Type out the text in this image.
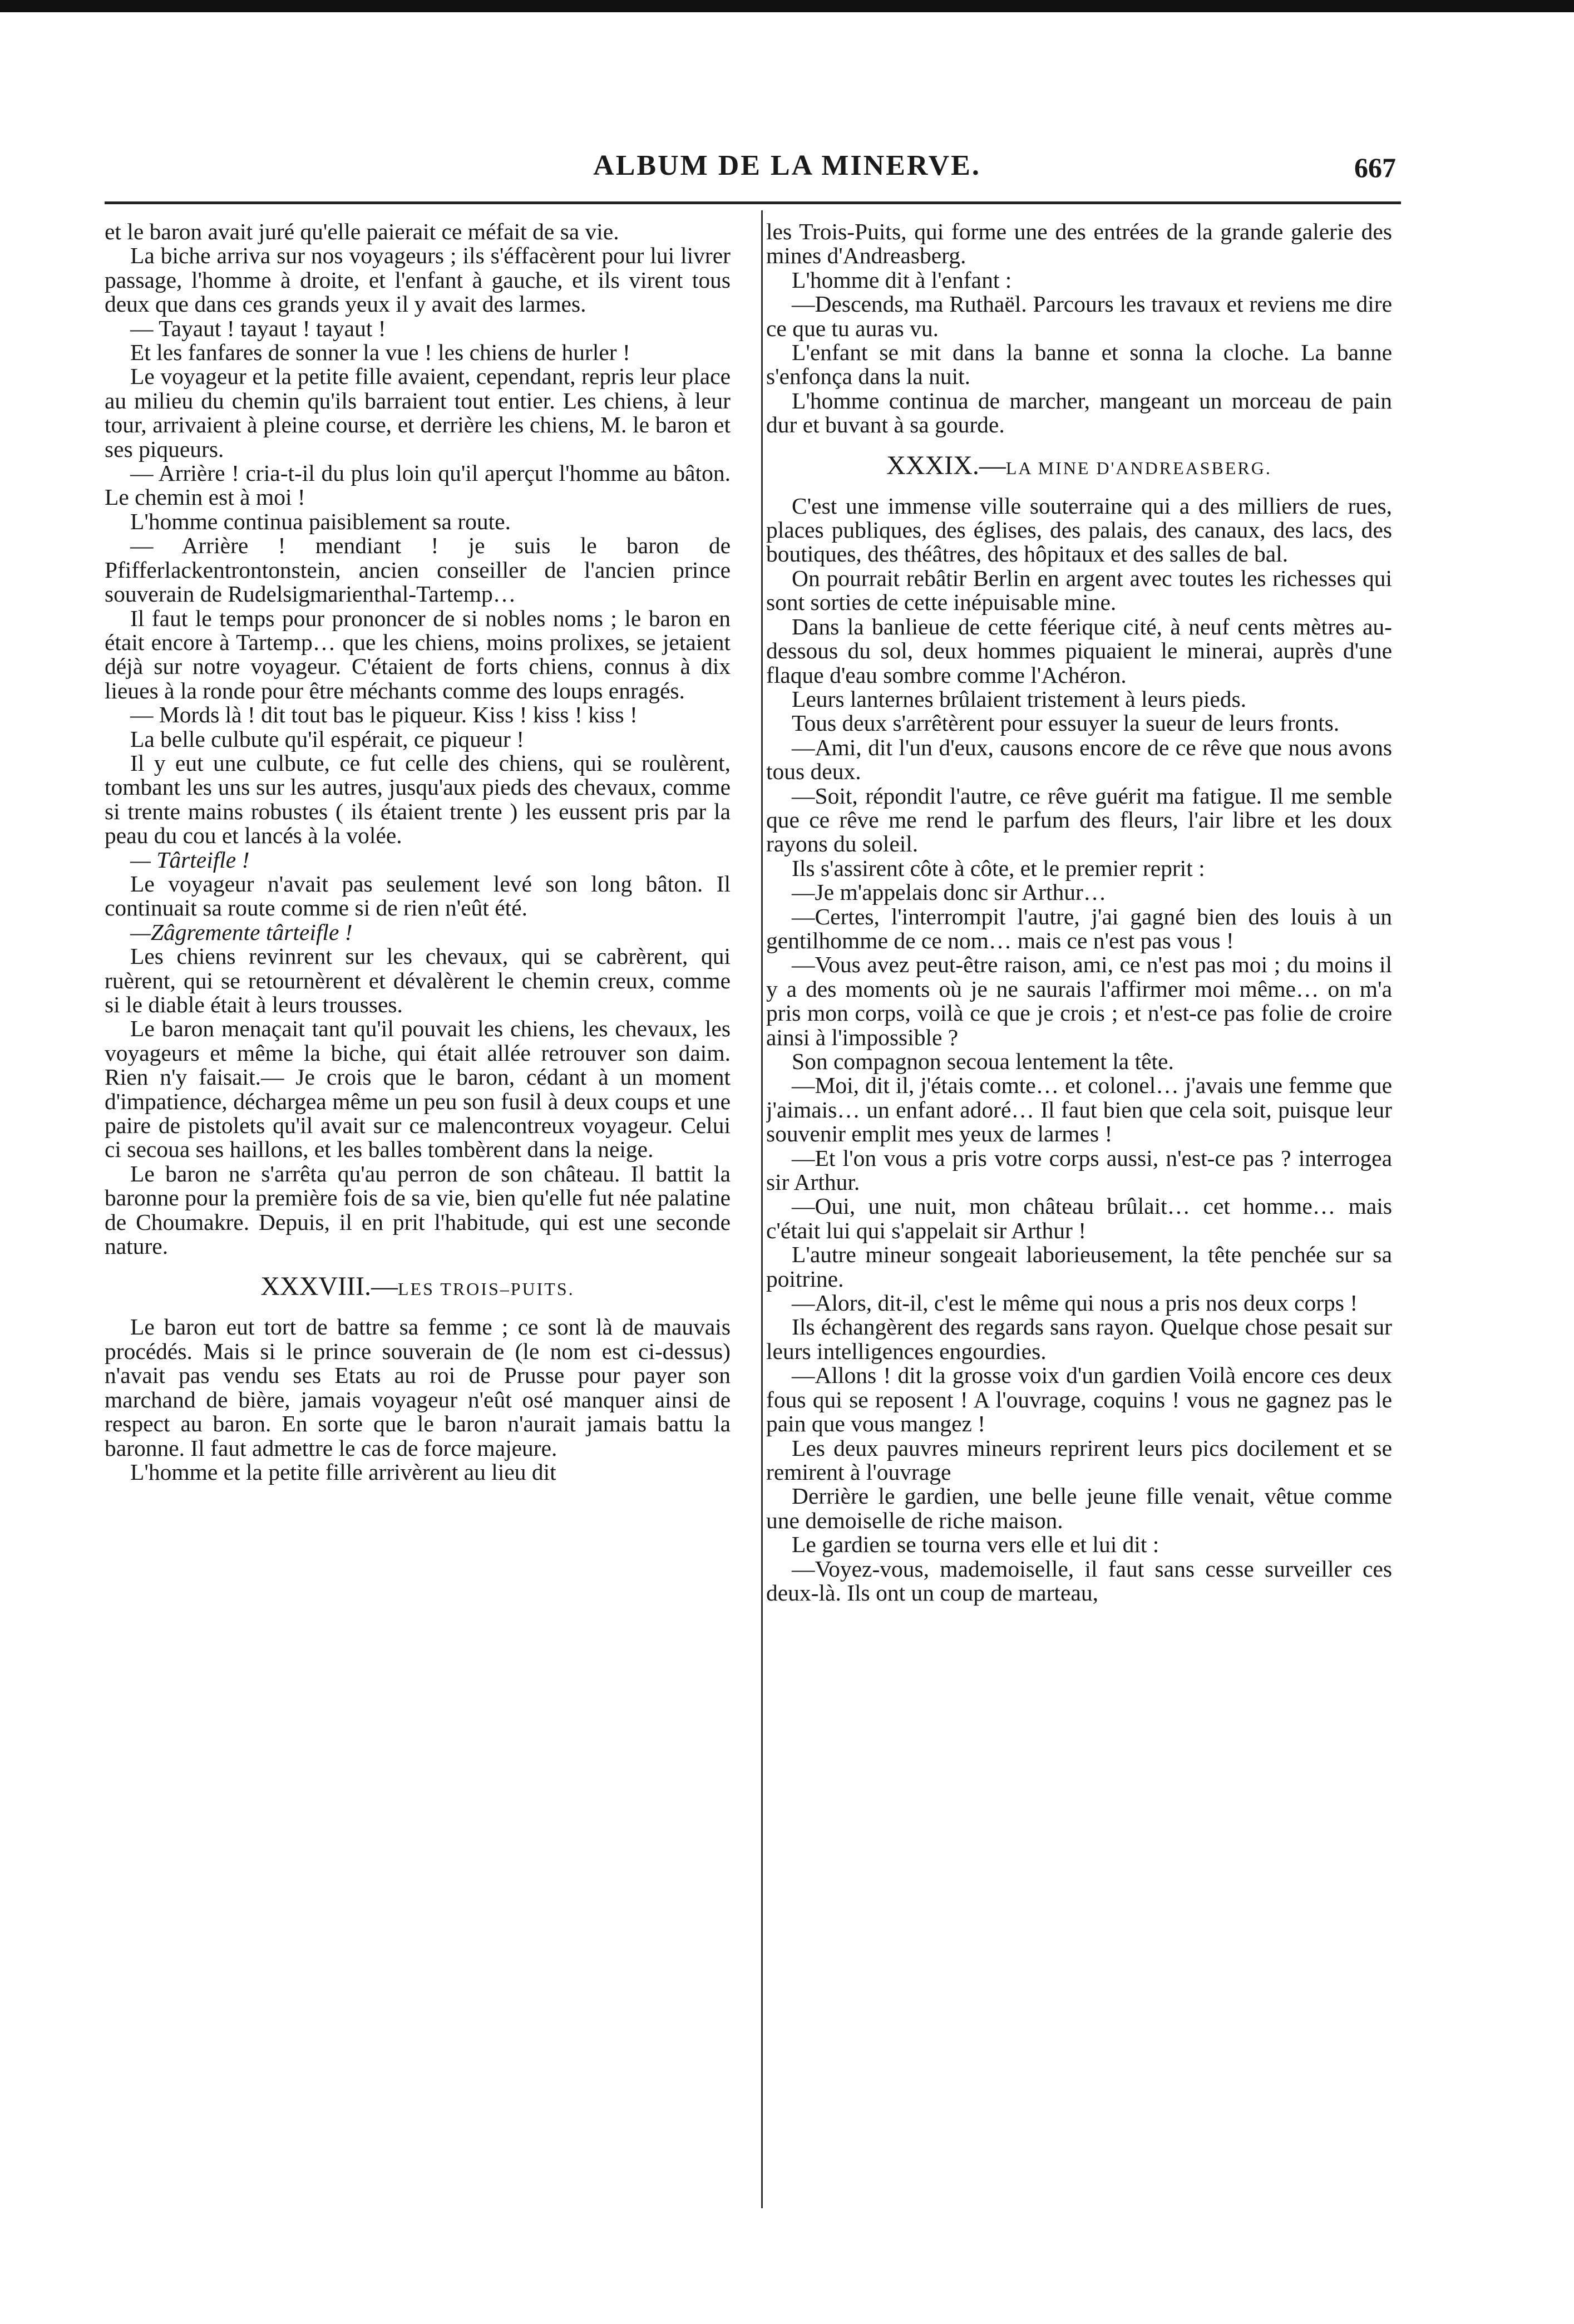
ALBUM DE LA MINERVE.	667

et le baron avait juré qu'elle paierait ce méfait de sa vie.

La biche arriva sur nos voyageurs ; ils s'éffacèrent pour lui livrer passage, l'homme à droite, et l'enfant à gauche, et ils virent tous deux que dans ces grands yeux il y avait des larmes.

— Tayaut ! tayaut ! tayaut !

Et les fanfares de sonner la vue ! les chiens de hurler !

Le voyageur et la petite fille avaient, cependant, repris leur place au milieu du chemin qu'ils barraient tout entier. Les chiens, à leur tour, arrivaient à pleine course, et derrière les chiens, M. le baron et ses piqueurs.

— Arrière ! cria-t-il du plus loin qu'il aperçut l'homme au bâton. Le chemin est à moi !

L'homme continua paisiblement sa route.

— Arrière ! mendiant ! je suis le baron de Pfifferlackentrontonstein, ancien conseiller de l'ancien prince souverain de Rudelsigmarienthal-Tartemp…

Il faut le temps pour prononcer de si nobles noms ; le baron en était encore à Tartemp… que les chiens, moins prolixes, se jetaient déjà sur notre voyageur. C'étaient de forts chiens, connus à dix lieues à la ronde pour être méchants comme des loups enragés.

— Mords là ! dit tout bas le piqueur. Kiss ! kiss ! kiss !

La belle culbute qu'il espérait, ce piqueur !

Il y eut une culbute, ce fut celle des chiens, qui se roulèrent, tombant les uns sur les autres, jusqu'aux pieds des chevaux, comme si trente mains robustes ( ils étaient trente ) les eussent pris par la peau du cou et lancés à la volée.

— Târteifle !

Le voyageur n'avait pas seulement levé son long bâton. Il continuait sa route comme si de rien n'eût été.

—Zâgremente târteifle !

Les chiens revinrent sur les chevaux, qui se cabrèrent, qui ruèrent, qui se retournèrent et dévalèrent le chemin creux, comme si le diable était à leurs trousses.

Le baron menaçait tant qu'il pouvait les chiens, les chevaux, les voyageurs et même la biche, qui était allée retrouver son daim. Rien n'y faisait.— Je crois que le baron, cédant à un moment d'impatience, déchargea même un peu son fusil à deux coups et une paire de pistolets qu'il avait sur ce malencontreux voyageur. Celui ci secoua ses haillons, et les balles tombèrent dans la neige.

Le baron ne s'arrêta qu'au perron de son château. Il battit la baronne pour la première fois de sa vie, bien qu'elle fut née palatine de Choumakre. Depuis, il en prit l'habitude, qui est une seconde nature.

XXXVIII.—LES TROIS–PUITS.

Le baron eut tort de battre sa femme ; ce sont là de mauvais procédés. Mais si le prince souverain de (le nom est ci-dessus) n'avait pas vendu ses Etats au roi de Prusse pour payer son marchand de bière, jamais voyageur n'eût osé manquer ainsi de respect au baron. En sorte que le baron n'aurait jamais battu la baronne. Il faut admettre le cas de force majeure.

L'homme et la petite fille arrivèrent au lieu dit

les Trois-Puits, qui forme une des entrées de la grande galerie des mines d'Andreasberg.

L'homme dit à l'enfant :

—Descends, ma Ruthaël. Parcours les travaux et reviens me dire ce que tu auras vu.

L'enfant se mit dans la banne et sonna la cloche. La banne s'enfonça dans la nuit.

L'homme continua de marcher, mangeant un morceau de pain dur et buvant à sa gourde.

XXXIX.—LA MINE D'ANDREASBERG.

C'est une immense ville souterraine qui a des milliers de rues, places publiques, des églises, des palais, des canaux, des lacs, des boutiques, des théâtres, des hôpitaux et des salles de bal.

On pourrait rebâtir Berlin en argent avec toutes les richesses qui sont sorties de cette inépuisable mine.

Dans la banlieue de cette féerique cité, à neuf cents mètres au-dessous du sol, deux hommes piquaient le minerai, auprès d'une flaque d'eau sombre comme l'Achéron.

Leurs lanternes brûlaient tristement à leurs pieds.

Tous deux s'arrêtèrent pour essuyer la sueur de leurs fronts.

—Ami, dit l'un d'eux, causons encore de ce rêve que nous avons tous deux.

—Soit, répondit l'autre, ce rêve guérit ma fatigue. Il me semble que ce rêve me rend le parfum des fleurs, l'air libre et les doux rayons du soleil.

Ils s'assirent côte à côte, et le premier reprit :

—Je m'appelais donc sir Arthur…

—Certes, l'interrompit l'autre, j'ai gagné bien des louis à un gentilhomme de ce nom… mais ce n'est pas vous !

—Vous avez peut-être raison, ami, ce n'est pas moi ; du moins il y a des moments où je ne saurais l'affirmer moi même… on m'a pris mon corps, voilà ce que je crois ; et n'est-ce pas folie de croire ainsi à l'impossible ?

Son compagnon secoua lentement la tête.

—Moi, dit il, j'étais comte… et colonel… j'avais une femme que j'aimais… un enfant adoré… Il faut bien que cela soit, puisque leur souvenir emplit mes yeux de larmes !

—Et l'on vous a pris votre corps aussi, n'est-ce pas ? interrogea sir Arthur.

—Oui, une nuit, mon château brûlait… cet homme… mais c'était lui qui s'appelait sir Arthur !

L'autre mineur songeait laborieusement, la tête penchée sur sa poitrine.

—Alors, dit-il, c'est le même qui nous a pris nos deux corps !

Ils échangèrent des regards sans rayon. Quelque chose pesait sur leurs intelligences engourdies.

—Allons ! dit la grosse voix d'un gardien Voilà encore ces deux fous qui se reposent ! A l'ouvrage, coquins ! vous ne gagnez pas le pain que vous mangez !

Les deux pauvres mineurs reprirent leurs pics docilement et se remirent à l'ouvrage

Derrière le gardien, une belle jeune fille venait, vêtue comme une demoiselle de riche maison.

Le gardien se tourna vers elle et lui dit :

—Voyez-vous, mademoiselle, il faut sans cesse surveiller ces deux-là. Ils ont un coup de marteau,
